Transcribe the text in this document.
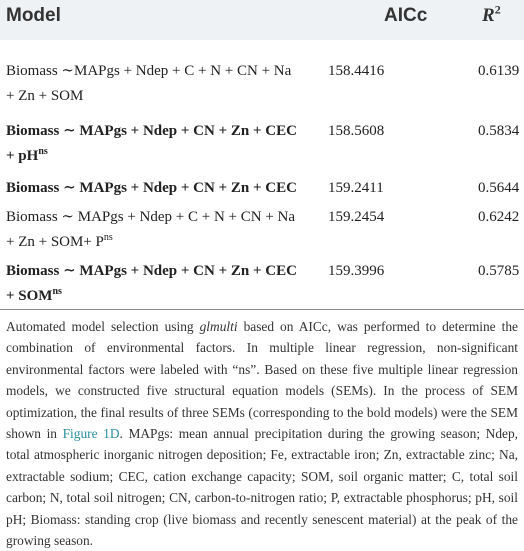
Model	AICc	$R^2$
Biomass ∼MAPgs + Ndep + C + N + CN + Na
+ Zn + SOM
158.4416	0.6139
Biomass ∼ MAPgs + Ndep + CN + Zn + CEC
+ $pH^{ns}$
158.5608	0.5834
Biomass ∼ MAPgs + Ndep + CN + Zn + CEC 159.2411	0.5644
Biomass ∼ MAPgs + Ndep + C + N + CN + Na
+ $Zn + SOM+ P^{ns}$
159.2454	0.6242
Biomass ∼ MAPgs + Ndep + CN + Zn + CEC
+ $SOM^{ns}$
159.3996	0.5785
Automated model selection using glmulti based on AICc, was performed to determine the combination of environmental factors. In multiple linear regression, non-significant environmental factors were labeled with “ns”. Based on these five multiple linear regression models, we constructed five structural equation models (SEMs). In the process of SEM optimization, the final results of three SEMs (corresponding to the bold models) were the SEM shown in Figure 1D. MAPgs: mean annual precipitation during the growing season; Ndep, total atmospheric inorganic nitrogen deposition; Fe, extractable iron; Zn, extractable zinc; Na, extractable sodium; CEC, cation exchange capacity; SOM, soil organic matter; C, total soil carbon; N, total soil nitrogen; CN, carbon-to-nitrogen ratio; P, extractable phosphorus; pH, soil pH; Biomass: standing crop (live biomass and recently senescent material) at the peak of the growing season.
